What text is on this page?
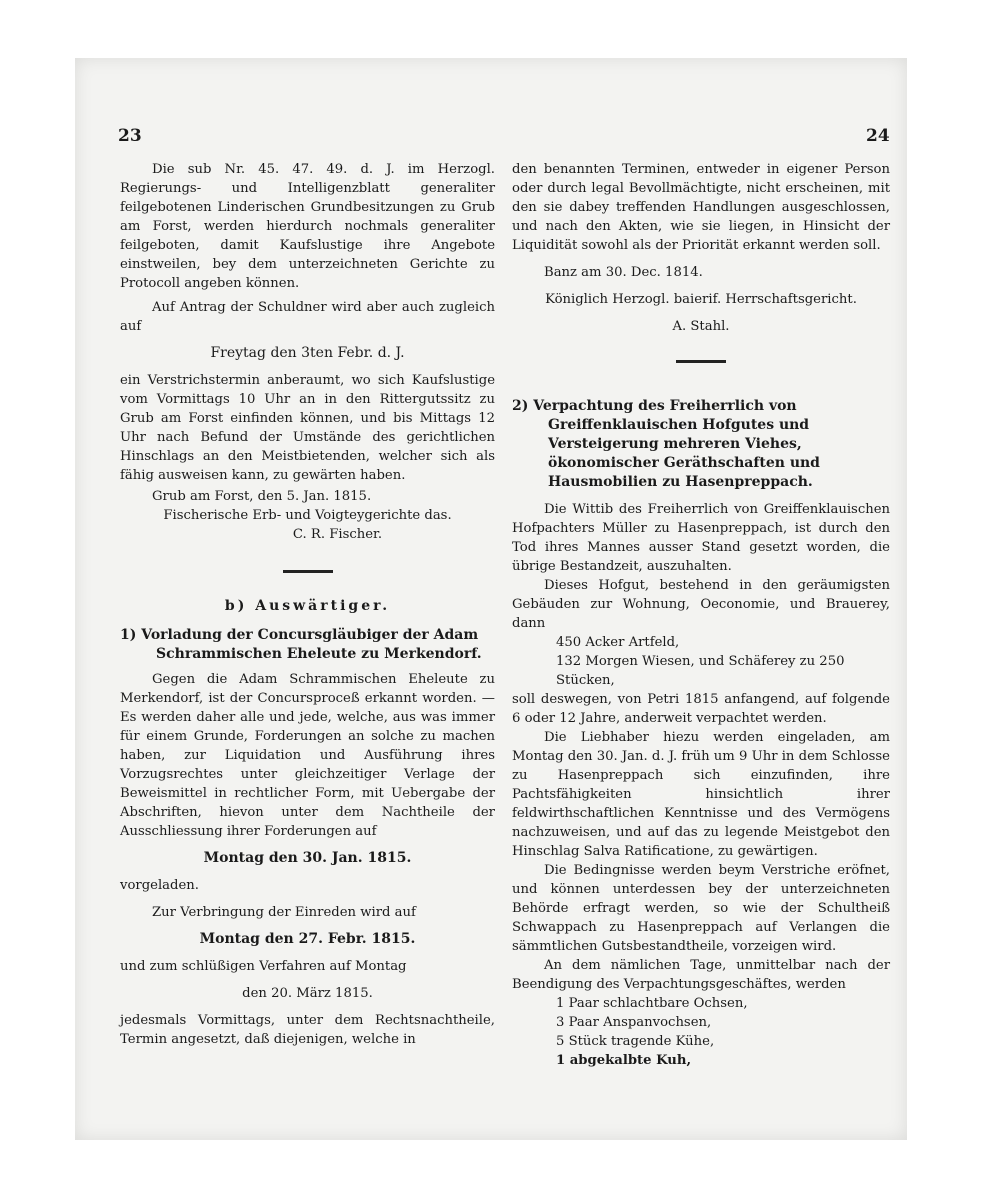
23	24

Die sub Nr. 45. 47. 49. d. J. im Herzogl. Regierungs- und Intelligenzblatt generaliter feilgebotenen Linderischen Grundbesitzungen zu Grub am Forst, werden hierdurch nochmals generaliter feilgeboten, damit Kaufslustige ihre Angebote einstweilen, bey dem unterzeichneten Gerichte zu Protocoll angeben können.

Auf Antrag der Schuldner wird aber auch zugleich auf

Freytag den 3ten Febr. d. J.

ein Verstrichstermin anberaumt, wo sich Kaufslustige vom Vormittags 10 Uhr an in den Rittergutssitz zu Grub am Forst einfinden können, und bis Mittags 12 Uhr nach Befund der Umstände des gerichtlichen Hinschlags an den Meistbietenden, welcher sich als fähig ausweisen kann, zu gewärten haben.

Grub am Forst, den 5. Jan. 1815.

Fischerische Erb- und Voigteygerichte das.

C. R. Fischer.

b) Auswärtiger.

1) Vorladung der Concursgläubiger der Adam Schrammischen Eheleute zu Merkendorf.

Gegen die Adam Schrammischen Eheleute zu Merkendorf, ist der Concursproceß erkannt worden. — Es werden daher alle und jede, welche, aus was immer für einem Grunde, Forderungen an solche zu machen haben, zur Liquidation und Ausführung ihres Vorzugsrechtes unter gleichzeitiger Verlage der Beweismittel in rechtlicher Form, mit Uebergabe der Abschriften, hievon unter dem Nachtheile der Ausschliessung ihrer Forderungen auf

Montag den 30. Jan. 1815.

vorgeladen.

Zur Verbringung der Einreden wird auf

Montag den 27. Febr. 1815.

und zum schlüßigen Verfahren auf Montag

den 20. März 1815.

jedesmals Vormittags, unter dem Rechtsnachtheile, Termin angesetzt, daß diejenigen, welche in

den benannten Terminen, entweder in eigener Person oder durch legal Bevollmächtigte, nicht erscheinen, mit den sie dabey treffenden Handlungen ausgeschlossen, und nach den Akten, wie sie liegen, in Hinsicht der Liquidität sowohl als der Priorität erkannt werden soll.

Banz am 30. Dec. 1814.

Königlich Herzogl. baierif. Herrschaftsgericht.

A. Stahl.

2) Verpachtung des Freiherrlich von Greiffenklauischen Hofgutes und Versteigerung mehreren Viehes, ökonomischer Geräthschaften und Hausmobilien zu Hasenpreppach.

Die Wittib des Freiherrlich von Greiffenklauischen Hofpachters Müller zu Hasenpreppach, ist durch den Tod ihres Mannes ausser Stand gesetzt worden, die übrige Bestandzeit, auszuhalten.

Dieses Hofgut, bestehend in den geräumigsten Gebäuden zur Wohnung, Oeconomie, und Brauerey, dann

450 Acker Artfeld,

132 Morgen Wiesen, und Schäferey zu 250 Stücken,

soll deswegen, von Petri 1815 anfangend, auf folgende 6 oder 12 Jahre, anderweit verpachtet werden.

Die Liebhaber hiezu werden eingeladen, am Montag den 30. Jan. d. J. früh um 9 Uhr in dem Schlosse zu Hasenpreppach sich einzufinden, ihre Pachtsfähigkeiten hinsichtlich ihrer feldwirthschaftlichen Kenntnisse und des Vermögens nachzuweisen, und auf das zu legende Meistgebot den Hinschlag Salva Ratificatione, zu gewärtigen.

Die Bedingnisse werden beym Verstriche eröfnet, und können unterdessen bey der unterzeichneten Behörde erfragt werden, so wie der Schultheiß Schwappach zu Hasenpreppach auf Verlangen die sämmtlichen Gutsbestandtheile, vorzeigen wird.

An dem nämlichen Tage, unmittelbar nach der Beendigung des Verpachtungsgeschäftes, werden

1 Paar schlachtbare Ochsen,

3 Paar Anspanvochsen,

5 Stück tragende Kühe,

1 abgekalbte Kuh,
